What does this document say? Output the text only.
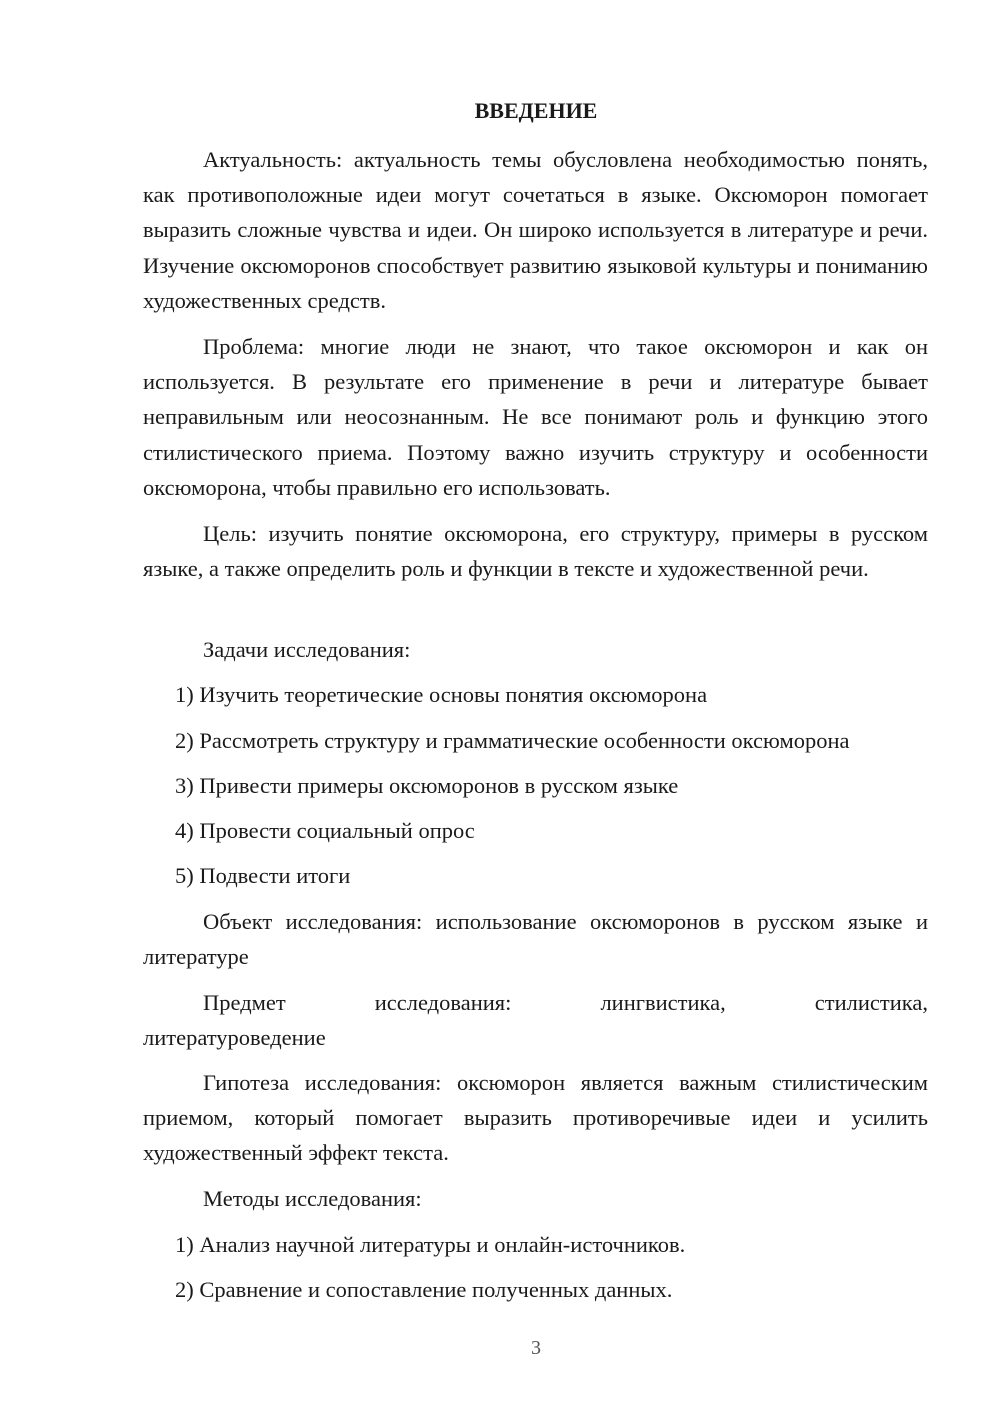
ВВЕДЕНИЕ

Актуальность: актуальность темы обусловлена необходимостью понять, как противоположные идеи могут сочетаться в языке. Оксюморон помогает выразить сложные чувства и идеи. Он широко используется в литературе и речи. Изучение оксюморонов способствует развитию языковой культуры и пониманию художественных средств.

Проблема: многие люди не знают, что такое оксюморон и как он используется. В результате его применение в речи и литературе бывает неправильным или неосознанным. Не все понимают роль и функцию этого стилистического приема. Поэтому важно изучить структуру и особенности оксюморона, чтобы правильно его использовать.

Цель: изучить понятие оксюморона, его структуру, примеры в русском языке, а также определить роль и функции в тексте и художественной речи.

Задачи исследования:

1) Изучить теоретические основы понятия оксюморона

2) Рассмотреть структуру и грамматические особенности оксюморона

3) Привести примеры оксюморонов в русском языке

4) Провести социальный опрос

5) Подвести итоги

Объект исследования: использование оксюморонов в русском языке и литературе

Предмет	исследования:	лингвистика,	стилистика,
литературоведение

Гипотеза исследования: оксюморон является важным стилистическим приемом, который помогает выразить противоречивые идеи и усилить художественный эффект текста.

Методы исследования:

1) Анализ научной литературы и онлайн-источников.

2) Сравнение и сопоставление полученных данных.

3
